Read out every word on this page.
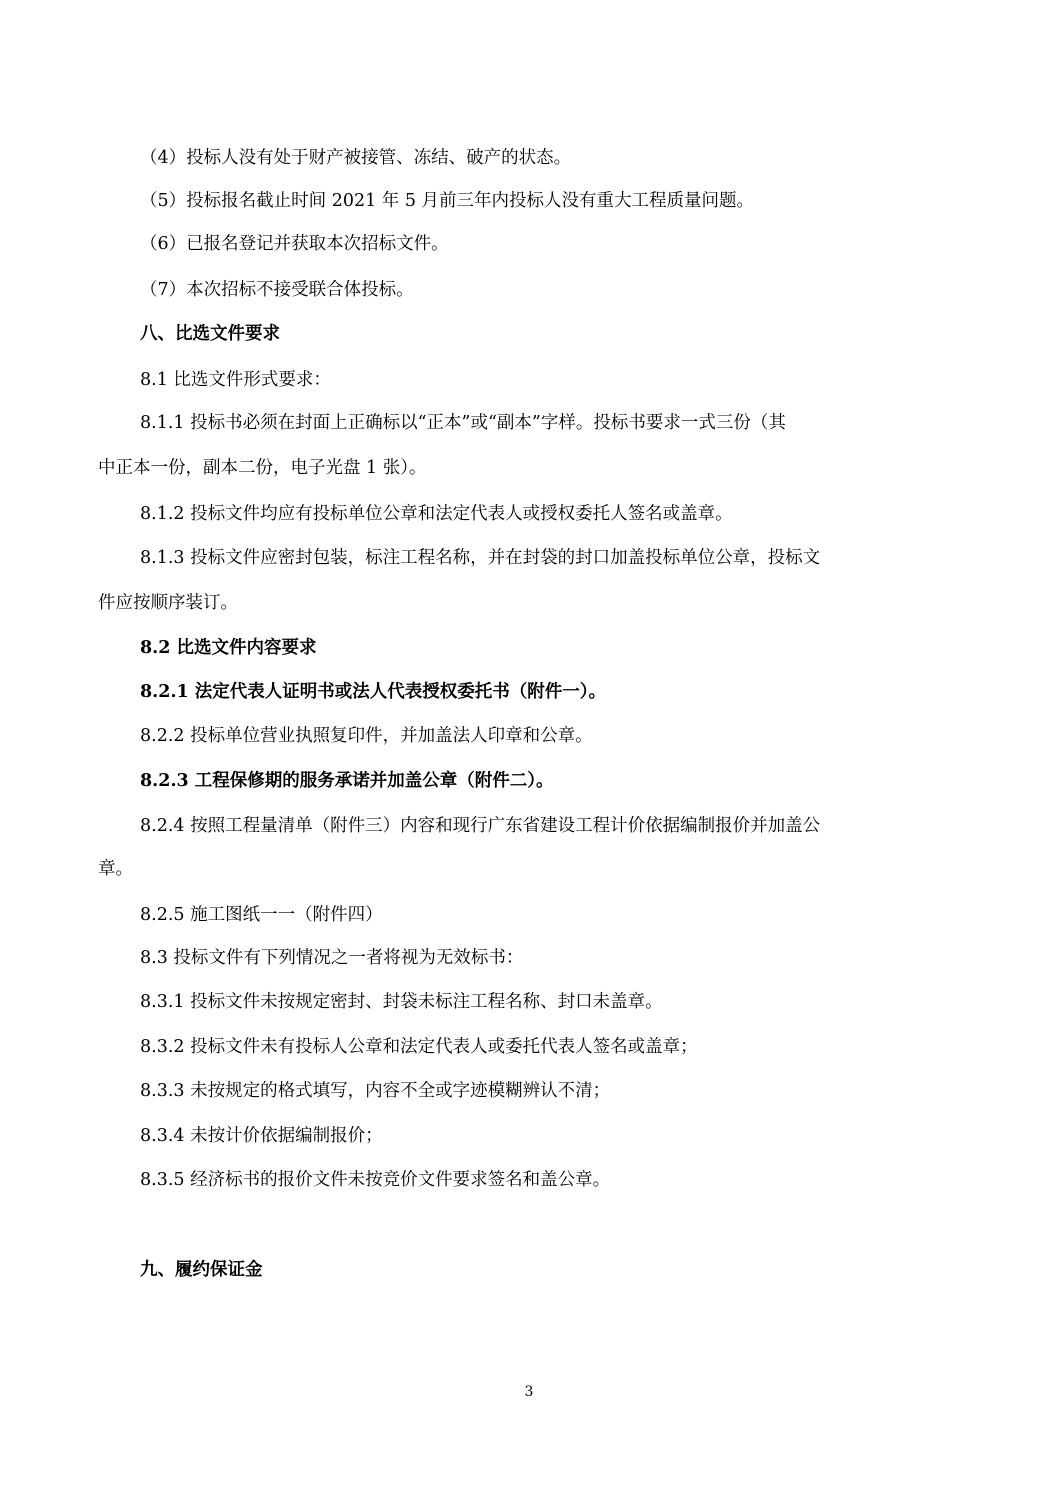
（4）投标人没有处于财产被接管、冻结、破产的状态。

（5）投标报名截止时间 2021 年 5 月前三年内投标人没有重大工程质量问题。

（6）已报名登记并获取本次招标文件。

（7）本次招标不接受联合体投标。

八、比选文件要求

8.1 比选文件形式要求：

8.1.1 投标书必须在封面上正确标以“正本”或“副本”字样。投标书要求一式三份（其

中正本一份，副本二份，电子光盘 1 张）。

8.1.2 投标文件均应有投标单位公章和法定代表人或授权委托人签名或盖章。

8.1.3 投标文件应密封包装，标注工程名称，并在封袋的封口加盖投标单位公章，投标文

件应按顺序装订。

8.2 比选文件内容要求

8.2.1 法定代表人证明书或法人代表授权委托书（附件一）。

8.2.2 投标单位营业执照复印件，并加盖法人印章和公章。

8.2.3 工程保修期的服务承诺并加盖公章（附件二）。

8.2.4 按照工程量清单（附件三）内容和现行广东省建设工程计价依据编制报价并加盖公

章。

8.2.5 施工图纸一一（附件四）

8.3 投标文件有下列情况之一者将视为无效标书：

8.3.1 投标文件未按规定密封、封袋未标注工程名称、封口未盖章。

8.3.2 投标文件未有投标人公章和法定代表人或委托代表人签名或盖章；

8.3.3 未按规定的格式填写，内容不全或字迹模糊辨认不清；

8.3.4 未按计价依据编制报价；

8.3.5 经济标书的报价文件未按竞价文件要求签名和盖公章。

九、履约保证金

3
